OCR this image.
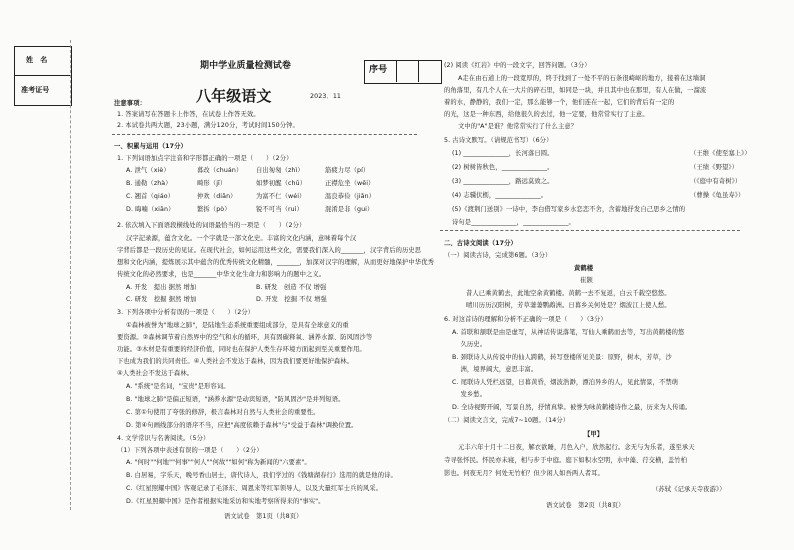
姓　名
准考证号
期中学业质量检测试卷	序号
八年级语文	2023．11
注意事项：
1. 答案请写在答题卡上作答，在试卷上作答无效。
2. 本试卷共两大题，23小题，满分120分，考试时间150分钟。
一、积累与运用（17分）
1. 下列词语加点字注音和字形都正确的一项是（　　）（2分）
A. 泄气（xiè）	暮改（chuán） 自出匆匆（zhì）	筋疲力尽（pí）
B. 通勒（zhà）	畸形（jī）	如梦初醒（chū）	正襟危坐（wēi）
C. 翘首（qiáo）	仲欢（diān）	为富不仁（wéi）	温良恭俭（jiǎn）
D. 晦喃（xiān）	繁拆（pò）	锐不可当（ruì）	混淆是非（gui）
2. 依次填入下面语段横线处的词语最恰当的一项是（　　）（2分）
汉字記录源，蕴含文化。一个字就是一部文化史。丰富的文化内涵，意味着每个汉
字背后都是一段历史的见证。在现代社会，如何运用这些文化，需要我们深入的_______，汉字背后的历史思
想和文化内涵，提炼展示其中蕴含的优秀传统文化精髓，_______，加深对汉字的理解，从而更好地保护中华优秀
传统文化的必然要求，也是_______中华文化生命力和影响力的题中之义。
A. 开发　提出 据然 增加	B. 研发　创造 不仅 增强
C. 研发　挖掘 据然 增加	D. 开发　挖掘 不仅 增强
3. 下列各项中分析有误的一项是（　　）（2分）
①森林被誉为"地球之肺"，是陆地生态系统重要组成部分，是具有全球意义的重
要资源。②森林调节着自然界中的空气和水的循环，具有固碳释氧、涵养水源、防风固沙等
功能。③木材是有重要的经济价值，同时也在保护人类生存环境方面起到至关重要作用。
下也成为我们的共同责任。④人类社会不发达于森林，因为我们要更好地保护森林。
④人类社会不发达于森林。
A. "系统"是名词，"宝贵"是形容词。
B. "地球之肺"是偏正短语，"涵养水源"是动宾短语，"防风固沙"是并列短语。
C. 第①句使用了夸张的修辞，极言森林对自然与人类社会的重要性。
D. 第④句画线部分的语序不当，应把"高度依赖于森林"与"受益于森林"调换位置。
4. 文学常识与名著阅读。（5分）
（1）下列各项中表述有误的一项是（　　）（2分）
A. "何时""何地""何事""何人""何故""如何"称为新闻的"六要素"。
B. 白居易，字乐天，晚号香山居士，唐代诗人，我们学过的《钱塘湖春行》选用的就是他的诗。
C.《红星照耀中国》客观记录了毛泽东、周恩来等红军领导人，以及大量红军士兵的风采。
D.《红星照耀中国》是作者根据实地采访和实地考察所得来的"事实"。
语文试卷　第1页（共8页）
(2) 阅读《红岩》中的一段文字，回答问题。（3分）
A走在由石道上的一段宽厚的，终于找到了一处不平的石条很崎岖的地方，接着在这墙洞
的角落里，有几个人在一大片的碎石里，如同是一块，并且其中也在那里，有人在做，一溜流
着的水，静静的，我们一定，那么能够一个，他们连在一起，它们的背后有一定的
的光，这是一种东西，给他很久的去过，他一定要，他常常实行了主意。
文中的"A"是谁？他常常实行了什么主意？
5. 古诗文默写。（请规范书写）（6分）
(1) ______________，长河落日圆。	（王维《使至塞上》）
(2) 树树皆秋色，______________。	（王绩《野望》）
(3) ______________，路远莫致之。	（《庭中有奇树》）
(4) 志骥伏枥，______________。	（曹操《龟虽寿》）
(5)《渡荆门送别》一诗中，李白借写家乡水恋恋不舍，含蓄地抒发自己思乡之情的
诗句是______________，______________。
二、古诗文阅读（17分）
（一）阅读古诗，完成第6题。（3分）
黄鹤楼
崔颢
昔人已乘黄鹤去，此地空余黄鹤楼。黄鹤一去不复返，白云千载空悠悠。
晴川历历汉阳树，芳草萋萋鹦鹉洲。日暮乡关何处是？烟波江上使人愁。
6. 对这首诗的理解和分析不正确的一项是（　　）（3分）
A. 首联和颔联是由是虚写，从神话传说落笔，写仙人乘鹤而去等，写出黄鹤楼的悠
　 久历史。
B. 颈联诗人从传说中的仙人跨鹤，转写登楼所见美景：原野，树木，芳草，沙
　 洲，境界阔大，意思丰富。
C. 尾联诗人凭栏远望，日暮黄昏，烟波浩渺，漂泊异乡的人，见此情景，不禁萌
　 发乡愁。
D. 全诗视野开阔，写景自然，抒情真挚。被誉为咏黄鹤楼诗作之最，历来为人传诵。
（二）阅读文言文，完成7~10题。（14分）
【甲】
元丰六年十月十二日夜，解衣欲睡，月色入户，欣然起行。念无与为乐者，遂至承天
寺寻张怀民。怀民亦未寝，相与步于中庭。庭下如积水空明，水中藻、荇交横，盖竹柏
影也。何夜无月？何处无竹柏？但少闲人如吾两人者耳。
（苏轼《记承天寺夜游》）
语文试卷　第2页（共8页）
